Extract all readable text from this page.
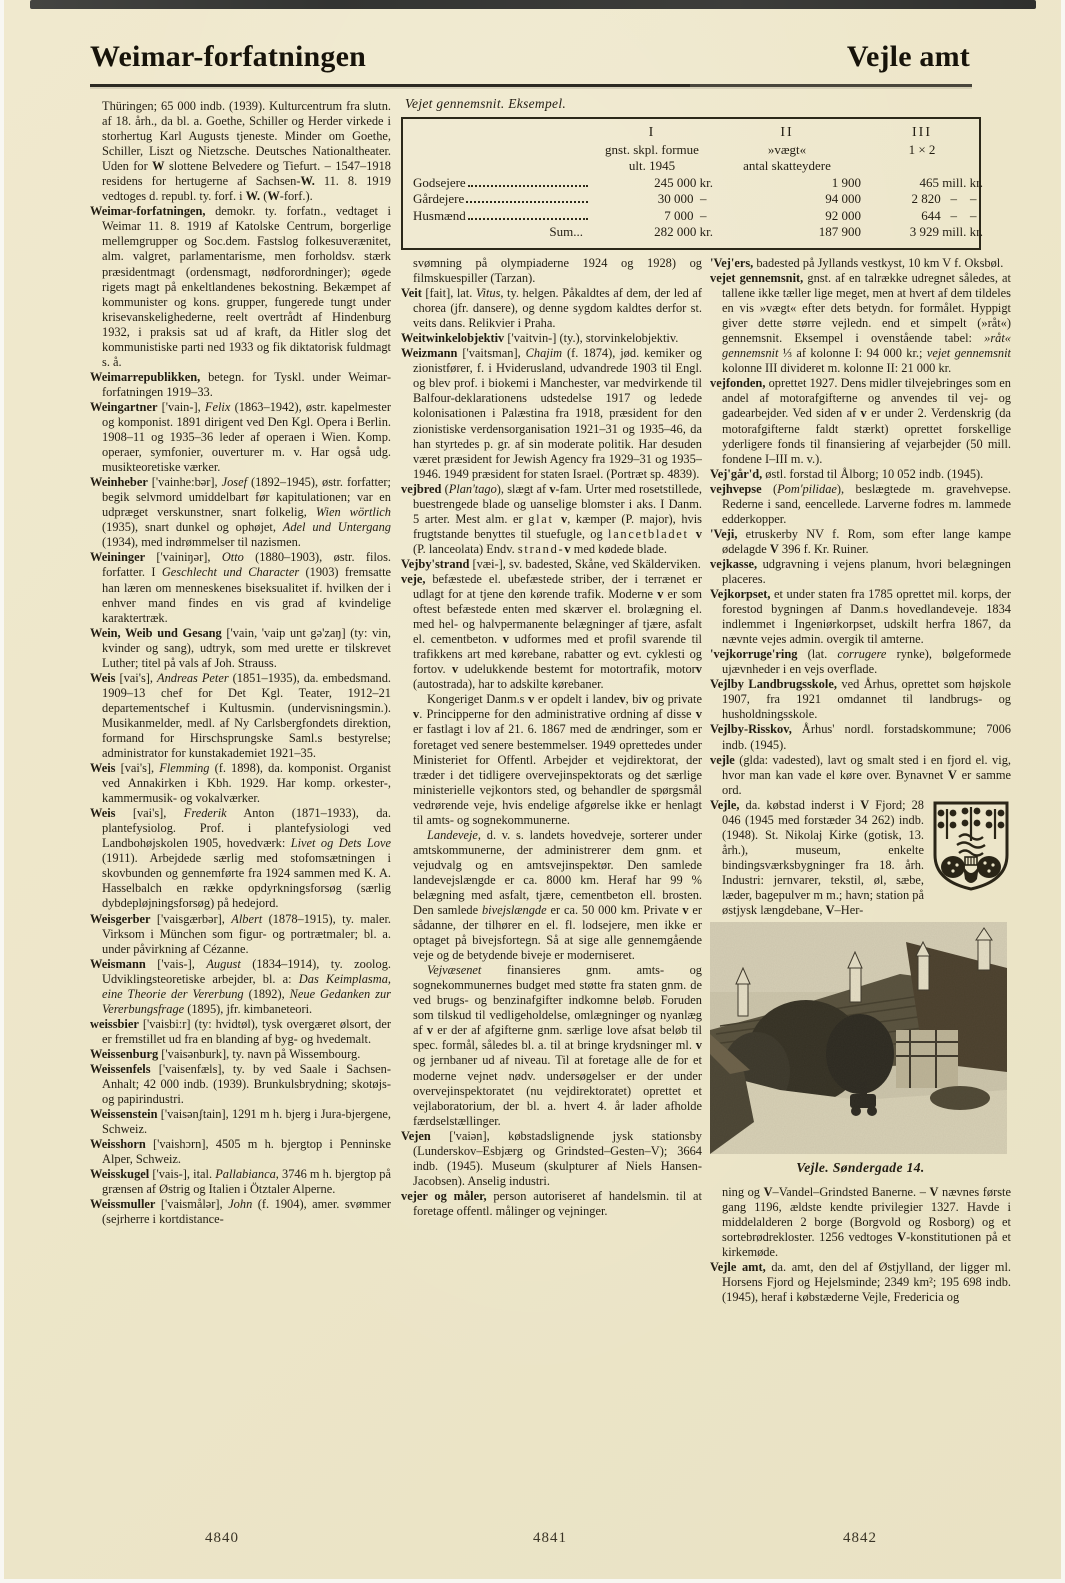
Weimar-forfatningen	Vejle amt
Vejet gennemsnit. Eksempel.
I	II	III
gnst. skpl. formue	»vægt«	1 × 2
ult. 1945	antal skatteydere
Godsejere	245 000 kr.	1 900	465 mill. kr.
Gårdejere	30 000  –	94 000	2 820   –    –
Husmænd	7 000  –	92 000	644   –    –
Sum...	282 000 kr.	187 900	3 929 mill. kr.

Thüringen; 65 000 indb. (1939). Kulturcentrum fra slutn. af 18. årh., da bl. a. Goethe, Schiller og Herder virkede i storhertug Karl Augusts tjeneste. Minder om Goethe, Schiller, Liszt og Nietzsche. Deutsches Nationaltheater. Uden for W slottene Belvedere og Tiefurt. – 1547–1918 residens for hertugerne af Sachsen-W. 11. 8. 1919 vedtoges d. republ. ty. forf. i W. (W-forf.).

Weimar-forfatningen, demokr. ty. forfatn., vedtaget i Weimar 11. 8. 1919 af Katolske Centrum, borgerlige mellemgrupper og Soc.dem. Fastslog folkesuverænitet, alm. valgret, parlamentarisme, men forholdsv. stærk præsidentmagt (ordensmagt, nødforordninger); øgede rigets magt på enkeltlandenes bekostning. Bekæmpet af kommunister og kons. grupper, fungerede tungt under krisevanskelighederne, reelt overtrådt af Hindenburg 1932, i praksis sat ud af kraft, da Hitler slog det kommunistiske parti ned 1933 og fik diktatorisk fuldmagt s. å.

Weimarrepublikken, betegn. for Tyskl. under Weimar-forfatningen 1919–33.

Weingartner ['vain-], Felix (1863–1942), østr. kapelmester og komponist. 1891 dirigent ved Den Kgl. Opera i Berlin. 1908–11 og 1935–36 leder af operaen i Wien. Komp. operaer, symfonier, ouverturer m. v. Har også udg. musikteoretiske værker.

Weinheber ['vainhe:bər], Josef (1892–1945), østr. forfatter; begik selvmord umiddelbart før kapitulationen; var en udpræget verskunstner, snart folkelig, Wien wörtlich (1935), snart dunkel og ophøjet, Adel und Untergang (1934), med indrømmelser til nazismen.

Weininger ['vainiŋər], Otto (1880–1903), østr. filos. forfatter. I Geschlecht und Character (1903) fremsatte han læren om menneskenes biseksualitet if. hvilken der i enhver mand findes en vis grad af kvindelige karaktertræk.

Wein, Weib und Gesang ['vain, 'vaip unt gə'zaŋ] (ty: vin, kvinder og sang), udtryk, som med urette er tilskrevet Luther; titel på vals af Joh. Strauss.

Weis [vai's], Andreas Peter (1851–1935), da. embedsmand. 1909–13 chef for Det Kgl. Teater, 1912–21 departementschef i Kultusmin. (undervisningsmin.). Musikanmelder, medl. af Ny Carlsbergfondets direktion, formand for Hirschsprungske Saml.s bestyrelse; administrator for kunstakademiet 1921–35.

Weis [vai's], Flemming (f. 1898), da. komponist. Organist ved Annakirken i Kbh. 1929. Har komp. orkester-, kammermusik- og vokalværker.

Weis [vai's], Frederik Anton (1871–1933), da. plantefysiolog. Prof. i plantefysiologi ved Landbohøjskolen 1905, hovedværk: Livet og Dets Love (1911). Arbejdede særlig med stofomsætningen i skovbunden og gennemførte fra 1924 sammen med K. A. Hasselbalch en række opdyrkningsforsøg (særlig dybdepløjningsforsøg) på hedejord.

Weisgerber ['vaisgærbər], Albert (1878–1915), ty. maler. Virksom i München som figur- og portrætmaler; bl. a. under påvirkning af Cézanne.

Weismann ['vais-], August (1834–1914), ty. zoolog. Udviklingsteoretiske arbejder, bl. a: Das Keimplasma, eine Theorie der Vererbung (1892), Neue Gedanken zur Vererbungsfrage (1895), jfr. kimbaneteori.

weissbier ['vaisbi:r] (ty: hvidtøl), tysk overgæret ølsort, der er fremstillet ud fra en blanding af byg- og hvedemalt.

Weissenburg ['vaisənburk], ty. navn på Wissembourg.

Weissenfels ['vaisenfæls], ty. by ved Saale i Sachsen-Anhalt; 42 000 indb. (1939). Brunkulsbrydning; skotøjs- og papirindustri.

Weissenstein ['vaisənʃtain], 1291 m h. bjerg i Jura-bjergene, Schweiz.

Weisshorn ['vaishɔrn], 4505 m h. bjergtop i Penninske Alper, Schweiz.

Weisskugel ['vais-], ital. Pallabianca, 3746 m h. bjergtop på grænsen af Østrig og Italien i Ötztaler Alperne.

Weissmuller ['vaismålər], John (f. 1904), amer. svømmer (sejrherre i kortdistance-

svømning på olympiaderne 1924 og 1928) og filmskuespiller (Tarzan).

Veit [fait], lat. Vitus, ty. helgen. Påkaldtes af dem, der led af chorea (jfr. dansere), og denne sygdom kaldtes derfor st. veits dans. Relikvier i Praha.

Weitwinkelobjektiv ['vaitvin-] (ty.), storvinkelobjektiv.

Weizmann ['vaitsman], Chajim (f. 1874), jød. kemiker og zionistfører, f. i Hviderusland, udvandrede 1903 til Engl. og blev prof. i biokemi i Manchester, var medvirkende til Balfour-deklarationens udstedelse 1917 og ledede kolonisationen i Palæstina fra 1918, præsident for den zionistiske verdensorganisation 1921–31 og 1935–46, da han styrtedes p. gr. af sin moderate politik. Har desuden været præsident for Jewish Agency fra 1929–31 og 1935–1946. 1949 præsident for staten Israel. (Portræt sp. 4839).

vejbred (Plan'tago), slægt af v-fam. Urter med rosetstillede, buestrengede blade og uanselige blomster i aks. I Danm. 5 arter. Mest alm. er glat v, kæmper (P. major), hvis frugtstande benyttes til stuefugle, og lancetbladet v (P. lanceolata) Endv. strand-v med kødede blade.

Vejby'strand [væi-], sv. badested, Skåne, ved Skälderviken.

veje, befæstede el. ubefæstede striber, der i terrænet er udlagt for at tjene den kørende trafik. Moderne v er som oftest befæstede enten med skærver el. brolægning el. med hel- og halvpermanente belægninger af tjære, asfalt el. cementbeton. v udformes med et profil svarende til trafikkens art med kørebane, rabatter og evt. cyklesti og fortov. v udelukkende bestemt for motortrafik, motorv (autostrada), har to adskilte kørebaner.

Kongeriget Danm.s v er opdelt i landev, biv og private v. Principperne for den administrative ordning af disse v er fastlagt i lov af 21. 6. 1867 med de ændringer, som er foretaget ved senere bestemmelser. 1949 oprettedes under Ministeriet for Offentl. Arbejder et vejdirektorat, der træder i det tidligere overvejinspektorats og det særlige ministerielle vejkontors sted, og behandler de spørgsmål vedrørende veje, hvis endelige afgørelse ikke er henlagt til amts- og sognekommunerne.

Landeveje, d. v. s. landets hovedveje, sorterer under amtskommunerne, der administrerer dem gnm. et vejudvalg og en amtsvejinspektør. Den samlede landevejslængde er ca. 8000 km. Heraf har 99 % belægning med asfalt, tjære, cementbeton ell. brosten. Den samlede bivejslængde er ca. 50 000 km. Private v er sådanne, der tilhører en el. fl. lodsejere, men ikke er optaget på bivejsfortegn. Så at sige alle gennemgående veje og de betydende biveje er moderniseret.

Vejvæsenet finansieres gnm. amts- og sognekommunernes budget med støtte fra staten gnm. de ved brugs- og benzinafgifter indkomne beløb. Foruden som tilskud til vedligeholdelse, omlægninger og nyanlæg af v er der af afgifterne gnm. særlige love afsat beløb til spec. formål, således bl. a. til at bringe krydsninger ml. v og jernbaner ud af niveau. Til at foretage alle de for et moderne vejnet nødv. undersøgelser er der under overvejinspektoratet (nu vejdirektoratet) oprettet et vejlaboratorium, der bl. a. hvert 4. år lader afholde færdselstællinger.

Vejen ['vaiən], købstadslignende jysk stationsby (Lunderskov–Esbjærg og Grindsted–Gesten–V); 3664 indb. (1945). Museum (skulpturer af Niels Hansen-Jacobsen). Anselig industri.

vejer og måler, person autoriseret af handelsmin. til at foretage offentl. målinger og vejninger.

'Vej'ers, badested på Jyllands vestkyst, 10 km V f. Oksbøl.

vejet gennemsnit, gnst. af en talrække udregnet således, at tallene ikke tæller lige meget, men at hvert af dem tildeles en vis »vægt« efter dets betydn. for formålet. Hyppigt giver dette større vejledn. end et simpelt (»råt«) gennemsnit. Eksempel i ovenstående tabel: »råt« gennemsnit ⅓ af kolonne I: 94 000 kr.; vejet gennemsnit kolonne III divideret m. kolonne II: 21 000 kr.

vejfonden, oprettet 1927. Dens midler tilvejebringes som en andel af motorafgifterne og anvendes til vej- og gadearbejder. Ved siden af v er under 2. Verdenskrig (da motorafgifterne faldt stærkt) oprettet forskellige yderligere fonds til finansiering af vejarbejder (50 mill. fondene I–III m. v.).

Vej'går'd, østl. forstad til Ålborg; 10 052 indb. (1945).

vejhvepse (Pom'pilidae), beslægtede m. gravehvepse. Rederne i sand, eencellede. Larverne fodres m. lammede edderkopper.

'Veji, etruskerby NV f. Rom, som efter lange kampe ødelagde V 396 f. Kr. Ruiner.

vejkasse, udgravning i vejens planum, hvori belægningen placeres.

Vejkorpset, et under staten fra 1785 oprettet mil. korps, der forestod bygningen af Danm.s hovedlandeveje. 1834 indlemmet i Ingeniørkorpset, udskilt herfra 1867, da nævnte vejes admin. overgik til amterne.

'vejkorruge'ring (lat. corrugere rynke), bølgeformede ujævnheder i en vejs overflade.

Vejlby Landbrugsskole, ved Århus, oprettet som højskole 1907, fra 1921 omdannet til landbrugs- og husholdningsskole.

Vejlby-Risskov, Århus' nordl. forstadskommune; 7006 indb. (1945).

vejle (glda: vadested), lavt og smalt sted i en fjord el. vig, hvor man kan vade el køre over. Bynavnet V er samme ord.

Vejle, da. købstad inderst i V Fjord; 28 046 (1945 med forstæder 34 262) indb. (1948). St. Nikolaj Kirke (gotisk, 13. årh.), museum, enkelte bindingsværksbygninger fra 18. årh. Industri: jernvarer, tekstil, øl, sæbe, læder, bagepulver m m.; havn; station på østjysk længdebane, V–Her-

Vejle. Søndergade 14.

ning og V–Vandel–Grindsted Banerne. – V nævnes første gang 1196, ældste kendte privilegier 1327. Havde i middelalderen 2 borge (Borgvold og Rosborg) og et sortebrødrekloster. 1256 vedtoges V-konstitutionen på et kirkemøde.

Vejle amt, da. amt, den del af Østjylland, der ligger ml. Horsens Fjord og Hejelsminde; 2349 km²; 195 698 indb. (1945), heraf i købstæderne Vejle, Fredericia og

4840	4841	4842
